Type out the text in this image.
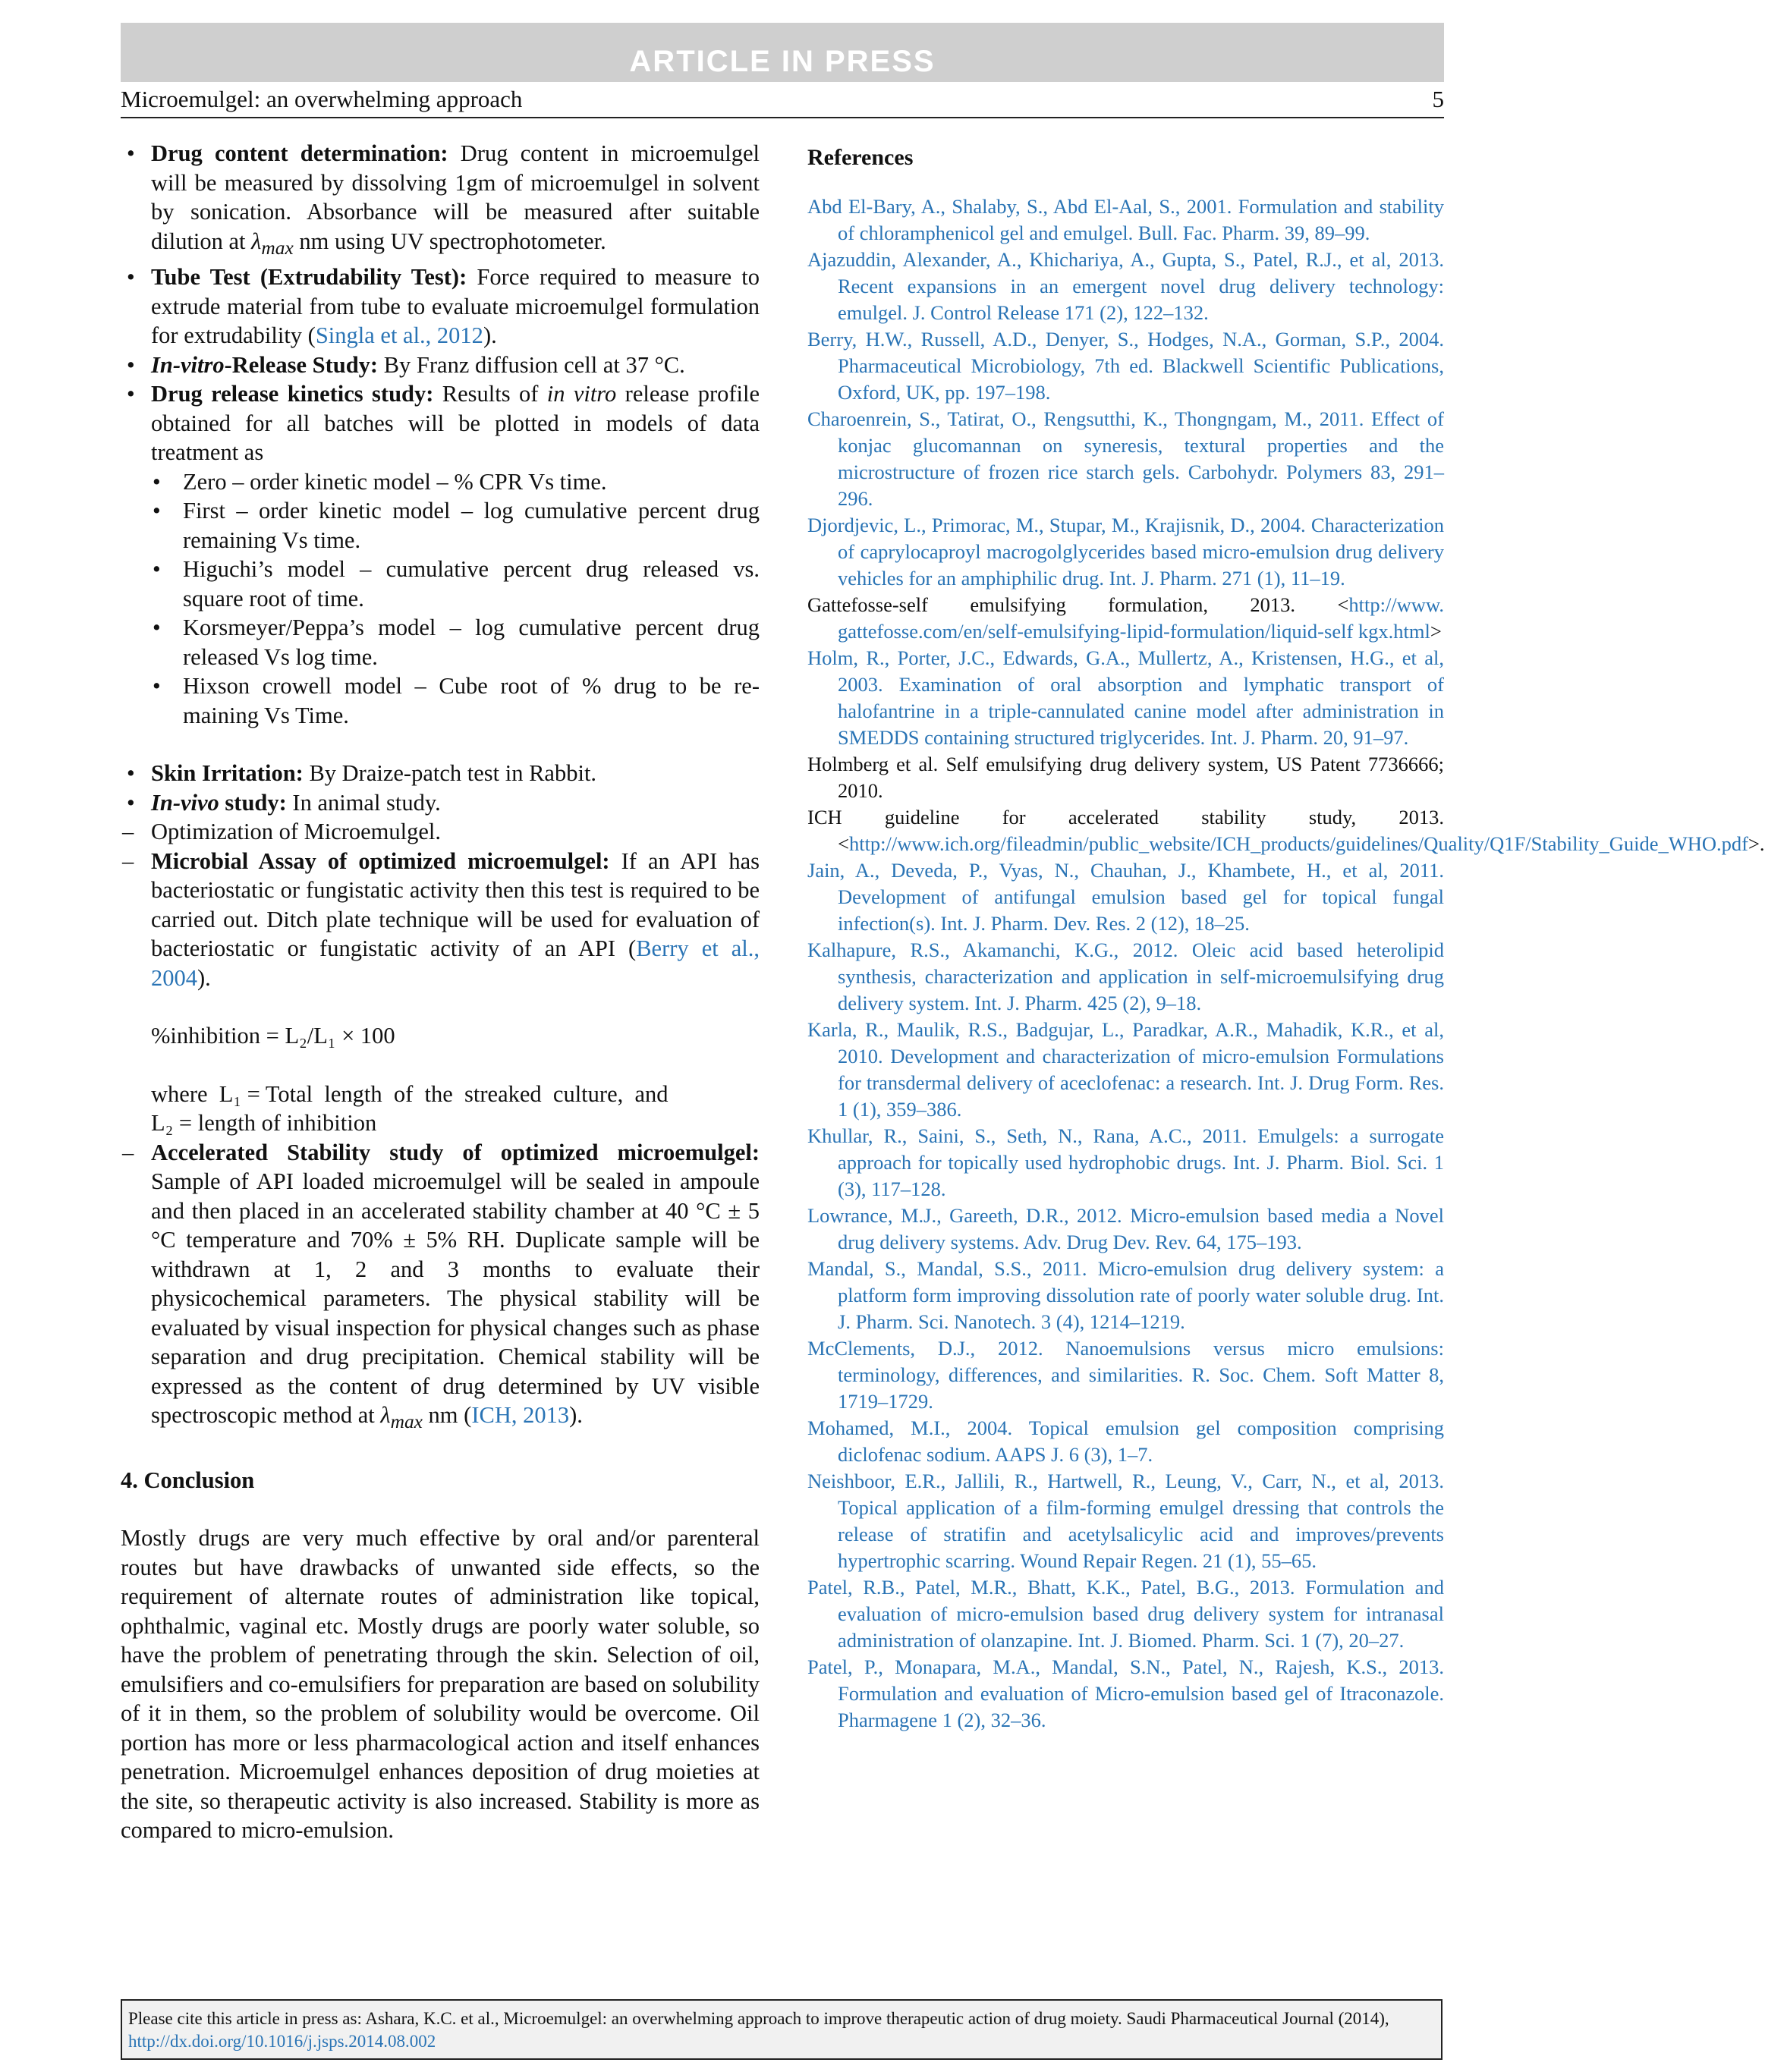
ARTICLE IN PRESS
Microemulgel: an overwhelming approach	5
• Drug content determination: Drug content in microemulgel will be measured by dissolving 1gm of microemulgel in solvent by sonication. Absorbance will be measured after suitable dilution at $\lambda_{max}$ nm using UV spectrophotometer.
• Tube Test (Extrudability Test): Force required to measure to extrude material from tube to evaluate microemulgel formulation for extrudability (Singla et al., 2012).
• In-vitro-Release Study: By Franz diffusion cell at 37 °C.
• Drug release kinetics study: Results of in vitro release profile obtained for all batches will be plotted in models of data treatment as
• Zero – order kinetic model – % CPR Vs time.
• First – order kinetic model – log cumulative percent drug remaining Vs time.
• Higuchi’s model – cumulative percent drug released vs. square root of time.
• Korsmeyer/Peppa’s model – log cumulative percent drug released Vs log time.
• Hixson crowell model – Cube root of % drug to be re-maining Vs Time.
• Skin Irritation: By Draize-patch test in Rabbit.
• In-vivo study: In animal study.
– Optimization of Microemulgel.
– Microbial Assay of optimized microemulgel: If an API has bacteriostatic or fungistatic activity then this test is required to be carried out. Ditch plate technique will be used for evaluation of bacteriostatic or fungistatic activity of an API (Berry et al., 2004).
%inhibition = L₂/L₁ × 100
where  L₁ = Total  length  of  the  streaked  culture,  and
L₂ = length of inhibition
– Accelerated Stability study of optimized microemulgel: Sample of API loaded microemulgel will be sealed in ampoule and then placed in an accelerated stability chamber at 40 °C ± 5 °C temperature and 70% ± 5% RH. Duplicate sample will be withdrawn at 1, 2 and 3 months to evaluate their physicochemical parameters. The physical stability will be evaluated by visual inspection for physical changes such as phase separation and drug precipitation. Chemical stability will be expressed as the content of drug determined by UV visible spectroscopic method at $\lambda_{max}$ nm (ICH, 2013).
4. Conclusion
Mostly drugs are very much effective by oral and/or parenteral routes but have drawbacks of unwanted side effects, so the requirement of alternate routes of administration like topical, ophthalmic, vaginal etc. Mostly drugs are poorly water soluble, so have the problem of penetrating through the skin. Selection of oil, emulsifiers and co-emulsifiers for preparation are based on solubility of it in them, so the problem of solubility would be overcome. Oil portion has more or less pharmacological action and itself enhances penetration. Microemulgel enhances deposition of drug moieties at the site, so therapeutic activity is also increased. Stability is more as compared to micro-emulsion.
References
Abd El-Bary, A., Shalaby, S., Abd El-Aal, S., 2001. Formulation and stability of chloramphenicol gel and emulgel. Bull. Fac. Pharm. 39, 89–99.
Ajazuddin, Alexander, A., Khichariya, A., Gupta, S., Patel, R.J., et al, 2013. Recent expansions in an emergent novel drug delivery technology: emulgel. J. Control Release 171 (2), 122–132.
Berry, H.W., Russell, A.D., Denyer, S., Hodges, N.A., Gorman, S.P., 2004. Pharmaceutical Microbiology, 7th ed. Blackwell Scientific Publications, Oxford, UK, pp. 197–198.
Charoenrein, S., Tatirat, O., Rengsutthi, K., Thongngam, M., 2011. Effect of konjac glucomannan on syneresis, textural properties and the microstructure of frozen rice starch gels. Carbohydr. Polymers 83, 291–296.
Djordjevic, L., Primorac, M., Stupar, M., Krajisnik, D., 2004. Characterization of caprylocaproyl macrogolglycerides based micro-emulsion drug delivery vehicles for an amphiphilic drug. Int. J. Pharm. 271 (1), 11–19.
Gattefosse-self emulsifying formulation, 2013. <http://www. gattefosse.com/en/self-emulsifying-lipid-formulation/liquid-self kgx.html>
Holm, R., Porter, J.C., Edwards, G.A., Mullertz, A., Kristensen, H.G., et al, 2003. Examination of oral absorption and lymphatic transport of halofantrine in a triple-cannulated canine model after administration in SMEDDS containing structured triglycerides. Int. J. Pharm. 20, 91–97.
Holmberg et al. Self emulsifying drug delivery system, US Patent 7736666; 2010.
ICH guideline for accelerated stability study, 2013. <http://www.ich.org/fileadmin/public_website/ICH_products/guidelines/Quality/Q1F/Stability_Guide_WHO.pdf>.
Jain, A., Deveda, P., Vyas, N., Chauhan, J., Khambete, H., et al, 2011. Development of antifungal emulsion based gel for topical fungal infection(s). Int. J. Pharm. Dev. Res. 2 (12), 18–25.
Kalhapure, R.S., Akamanchi, K.G., 2012. Oleic acid based heterolipid synthesis, characterization and application in self-microemulsifying drug delivery system. Int. J. Pharm. 425 (2), 9–18.
Karla, R., Maulik, R.S., Badgujar, L., Paradkar, A.R., Mahadik, K.R., et al, 2010. Development and characterization of micro-emulsion Formulations for transdermal delivery of aceclofenac: a research. Int. J. Drug Form. Res. 1 (1), 359–386.
Khullar, R., Saini, S., Seth, N., Rana, A.C., 2011. Emulgels: a surrogate approach for topically used hydrophobic drugs. Int. J. Pharm. Biol. Sci. 1 (3), 117–128.
Lowrance, M.J., Gareeth, D.R., 2012. Micro-emulsion based media a Novel drug delivery systems. Adv. Drug Dev. Rev. 64, 175–193.
Mandal, S., Mandal, S.S., 2011. Micro-emulsion drug delivery system: a platform form improving dissolution rate of poorly water soluble drug. Int. J. Pharm. Sci. Nanotech. 3 (4), 1214–1219.
McClements, D.J., 2012. Nanoemulsions versus micro emulsions: terminology, differences, and similarities. R. Soc. Chem. Soft Matter 8, 1719–1729.
Mohamed, M.I., 2004. Topical emulsion gel composition comprising diclofenac sodium. AAPS J. 6 (3), 1–7.
Neishboor, E.R., Jallili, R., Hartwell, R., Leung, V., Carr, N., et al, 2013. Topical application of a film-forming emulgel dressing that controls the release of stratifin and acetylsalicylic acid and improves/prevents hypertrophic scarring. Wound Repair Regen. 21 (1), 55–65.
Patel, R.B., Patel, M.R., Bhatt, K.K., Patel, B.G., 2013. Formulation and evaluation of micro-emulsion based drug delivery system for intranasal administration of olanzapine. Int. J. Biomed. Pharm. Sci. 1 (7), 20–27.
Patel, P., Monapara, M.A., Mandal, S.N., Patel, N., Rajesh, K.S., 2013. Formulation and evaluation of Micro-emulsion based gel of Itraconazole. Pharmagene 1 (2), 32–36.
Please cite this article in press as: Ashara, K.C. et al., Microemulgel: an overwhelming approach to improve therapeutic action of drug moiety. Saudi Pharmaceutical Journal (2014), http://dx.doi.org/10.1016/j.jsps.2014.08.002
